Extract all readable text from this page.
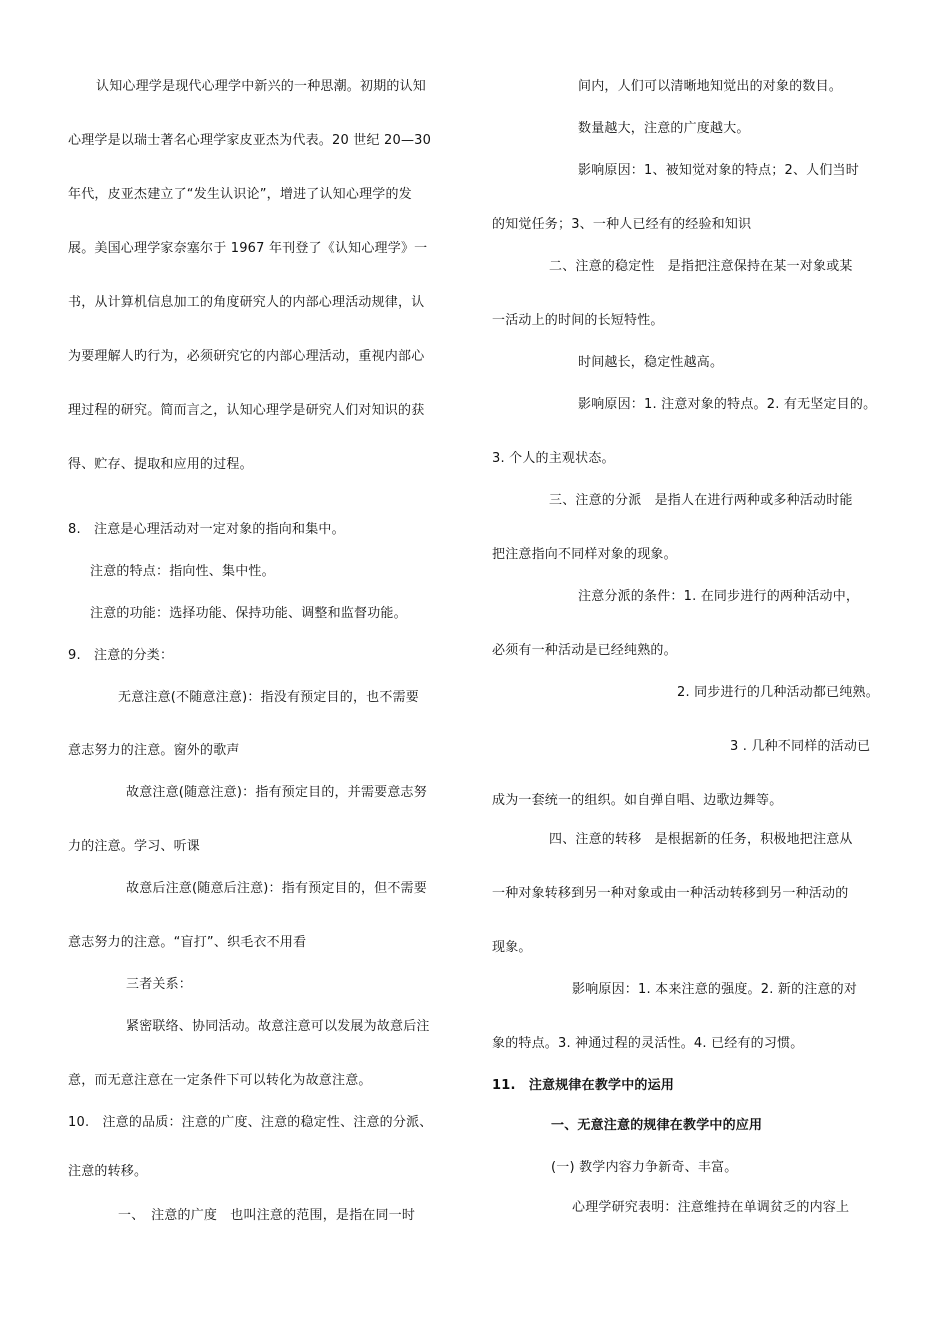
认知心理学是现代心理学中新兴的一种思潮。初期的认知
心理学是以瑞士著名心理学家皮亚杰为代表。20 世纪 20—30
年代，皮亚杰建立了“发生认识论”，增进了认知心理学的发
展。美国心理学家奈塞尔于 1967 年刊登了《认知心理学》一
书，从计算机信息加工的角度研究人的内部心理活动规律，认
为要理解人旳行为，必须研究它的内部心理活动，重视内部心
理过程的研究。简而言之，认知心理学是研究人们对知识的获
得、贮存、提取和应用的过程。
8.　注意是心理活动对一定对象的指向和集中。
注意的特点：指向性、集中性。
注意的功能：选择功能、保持功能、调整和监督功能。
9.　注意的分类：
无意注意(不随意注意)：指没有预定目的，也不需要
意志努力的注意。窗外的歌声
故意注意(随意注意)：指有预定目的，并需要意志努
力的注意。学习、听课
故意后注意(随意后注意)：指有预定目的，但不需要
意志努力的注意。“盲打”、织毛衣不用看
三者关系：
紧密联络、协同活动。故意注意可以发展为故意后注
意，而无意注意在一定条件下可以转化为故意注意。
10.　注意的品质：注意的广度、注意的稳定性、注意的分派、
注意的转移。
一、　注意的广度　也叫注意的范围，是指在同一时
间内，人们可以清晰地知觉出的对象的数目。
数量越大，注意的广度越大。
影响原因：1、被知觉对象的特点；2、人们当时
的知觉任务；3、一种人已经有的经验和知识
二、注意的稳定性　是指把注意保持在某一对象或某
一活动上的时间的长短特性。
时间越长，稳定性越高。
影响原因：1. 注意对象的特点。2. 有无坚定目的。
3. 个人的主观状态。
三、注意的分派　是指人在进行两种或多种活动时能
把注意指向不同样对象的现象。
注意分派的条件：1. 在同步进行的两种活动中，
必须有一种活动是已经纯熟的。
2. 同步进行的几种活动都已纯熟。
3 . 几种不同样的活动已
成为一套统一的组织。如自弹自唱、边歌边舞等。
四、注意的转移　是根据新的任务，积极地把注意从
一种对象转移到另一种对象或由一种活动转移到另一种活动的
现象。
影响原因：1. 本来注意的强度。2. 新的注意的对
象的特点。3. 神通过程的灵活性。4. 已经有的习惯。
11.　注意规律在教学中的运用
一、无意注意的规律在教学中的应用
(一) 教学内容力争新奇、丰富。
心理学研究表明：注意维持在单调贫乏的内容上
